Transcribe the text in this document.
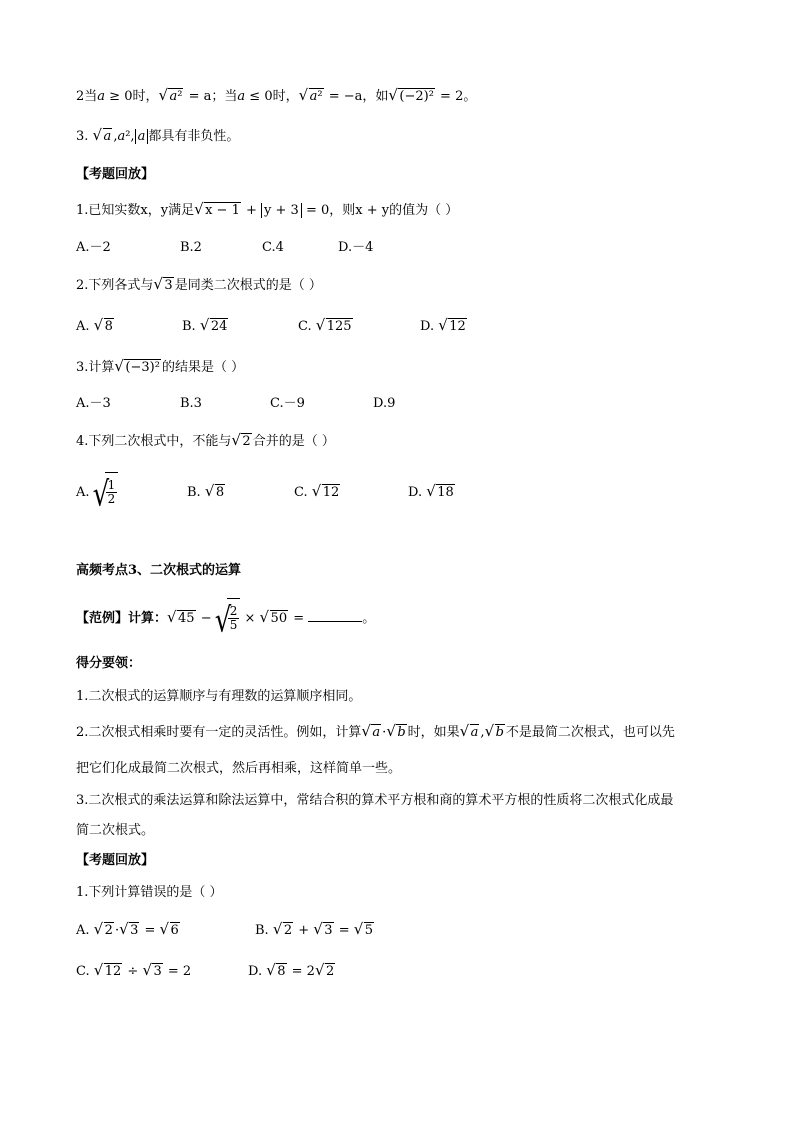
2当a ≥ 0时， √ a² = a；当a ≤ 0时， √ a² = −a，如 √ (−2)² = 2。
3. √ a ,a², a 都具有非负性。
【考题回放】
1.已知实数x，y满足 √ x − 1 + y + 3 = 0，则x + y的值为（ ）
A.－2	B.2	C.4	D.－4
2.下列各式与 √ 3 是同类二次根式的是（ ）
A. √ 8	B. √ 24	C. √ 125	D. √ 12
3.计算 √ (−3)² 的结果是（ ）
A.－3	B.3	C.－9	D.9
4.下列二次根式中，不能与 √ 2 合并的是（ ）
A. √ $\frac{1}{2}$	B. √ 8	C. √ 12	D. √ 18
高频考点3、二次根式的运算
【范例】计算： √ 45 − √ $\frac{2}{5}$ × √ 50 =	。
得分要领：
1.二次根式的运算顺序与有理数的运算顺序相同。
2.二次根式相乘时要有一定的灵活性。例如，计算 √ a · √ b 时，如果 √ a , √ b 不是最简二次根式，也可以先
把它们化成最简二次根式，然后再相乘，这样简单一些。
3.二次根式的乘法运算和除法运算中，常结合积的算术平方根和商的算术平方根的性质将二次根式化成最
简二次根式。
【考题回放】
1.下列计算错误的是（ ）
A. √ 2 · √ 3 = √ 6	B. √ 2 + √ 3 = √ 5
C. √ 12 ÷ √ 3 = 2	D. √ 8 = 2 √ 2
